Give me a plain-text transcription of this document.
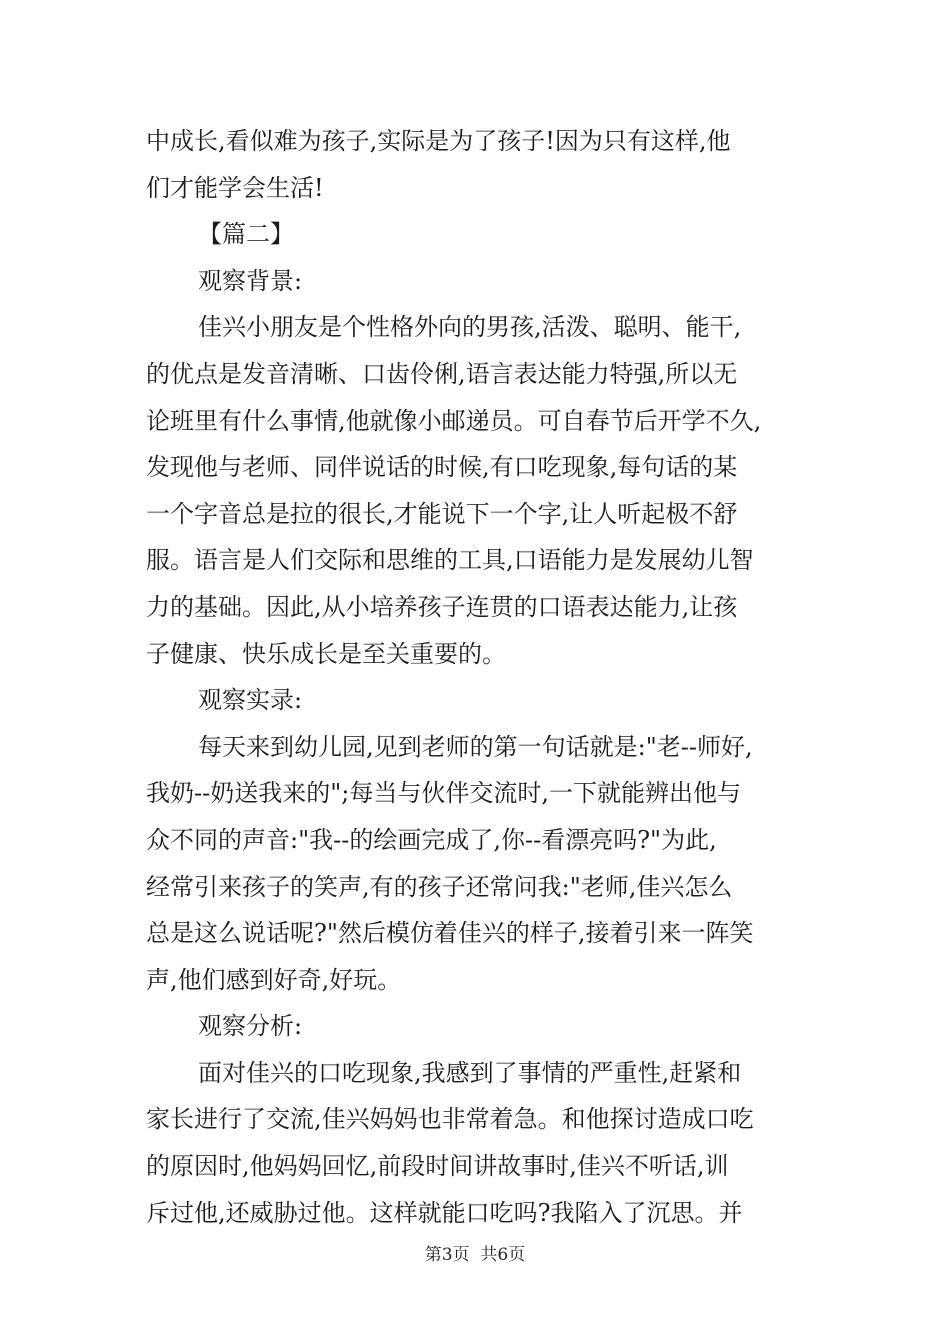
中成长,看似难为孩子,实际是为了孩子!因为只有这样,他
们才能学会生活!
【篇二】
观察背景:
佳兴小朋友是个性格外向的男孩,活泼、聪明、能干,
的优点是发音清晰、口齿伶俐,语言表达能力特强,所以无
论班里有什么事情,他就像小邮递员。可自春节后开学不久,
发现他与老师、同伴说话的时候,有口吃现象,每句话的某
一个字音总是拉的很长,才能说下一个字,让人听起极不舒
服。语言是人们交际和思维的工具,口语能力是发展幼儿智
力的基础。因此,从小培养孩子连贯的口语表达能力,让孩
子健康、快乐成长是至关重要的。
观察实录:
每天来到幼儿园,见到老师的第一句话就是:"老--师好,
我奶--奶送我来的";每当与伙伴交流时,一下就能辨出他与
众不同的声音:"我--的绘画完成了,你--看漂亮吗?"为此,
经常引来孩子的笑声,有的孩子还常问我:"老师,佳兴怎么
总是这么说话呢?"然后模仿着佳兴的样子,接着引来一阵笑
声,他们感到好奇,好玩。
观察分析:
面对佳兴的口吃现象,我感到了事情的严重性,赶紧和
家长进行了交流,佳兴妈妈也非常着急。和他探讨造成口吃
的原因时,他妈妈回忆,前段时间讲故事时,佳兴不听话,训
斥过他,还威胁过他。这样就能口吃吗?我陷入了沉思。并
第3页  共6页
